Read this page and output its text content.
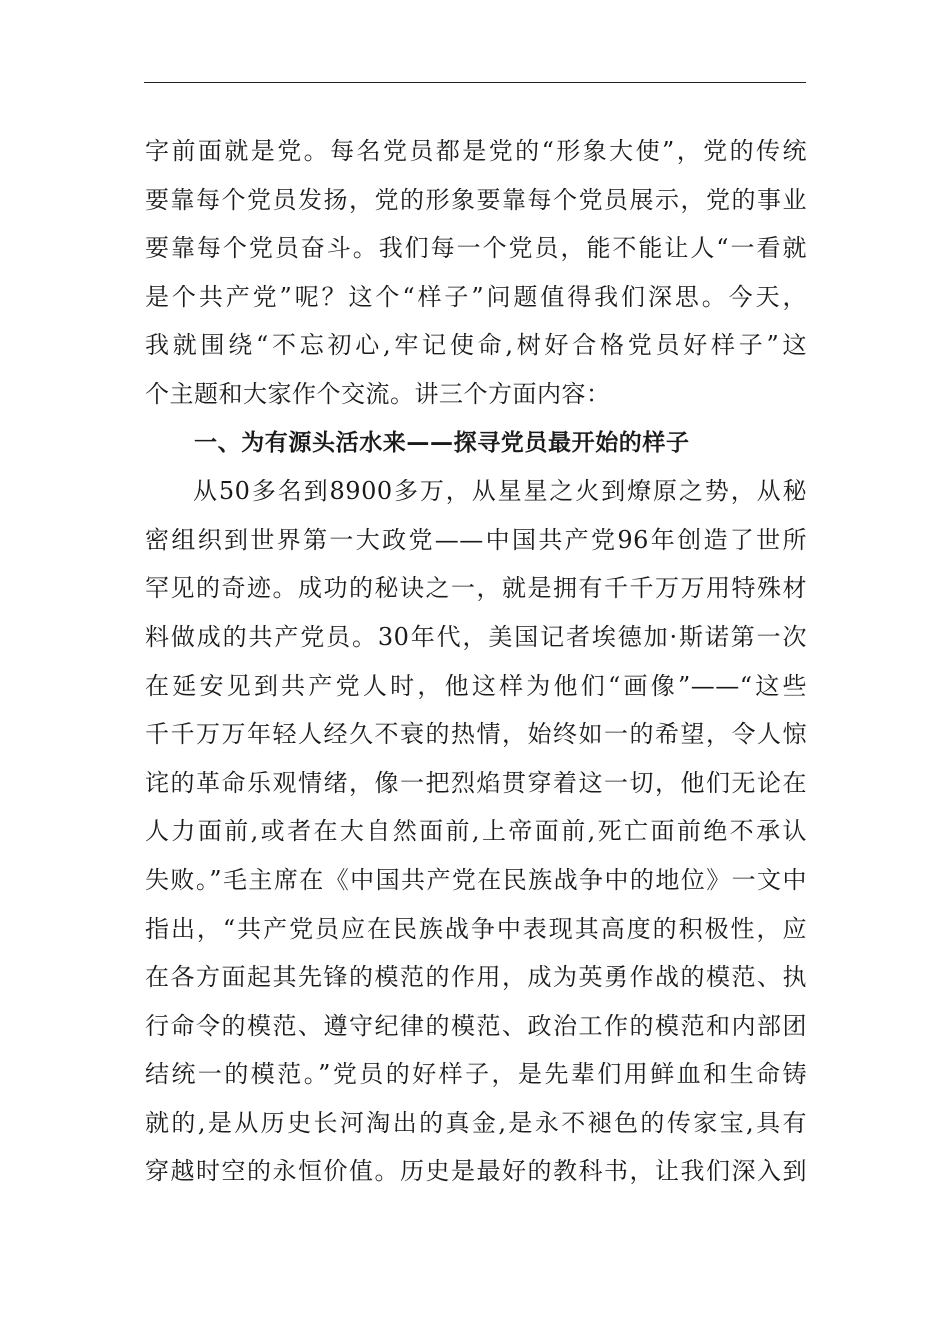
字前面就是党。每名党员都是党的“形象大使”，党的传统
要靠每个党员发扬，党的形象要靠每个党员展示，党的事业
要靠每个党员奋斗。我们每一个党员，能不能让人“一看就
是个共产党”呢？这个“样子”问题值得我们深思。今天，
我就围绕“不忘初心,牢记使命,树好合格党员好样子”这
个主题和大家作个交流。讲三个方面内容：
一、为有源头活水来——探寻党员最开始的样子
从50多名到8900多万，从星星之火到燎原之势，从秘
密组织到世界第一大政党——中国共产党96年创造了世所
罕见的奇迹。成功的秘诀之一，就是拥有千千万万用特殊材
料做成的共产党员。30年代，美国记者埃德加·斯诺第一次
在延安见到共产党人时，他这样为他们“画像”——“这些
千千万万年轻人经久不衰的热情，始终如一的希望，令人惊
诧的革命乐观情绪，像一把烈焰贯穿着这一切，他们无论在
人力面前,或者在大自然面前,上帝面前,死亡面前绝不承认
失败。”毛主席在《中国共产党在民族战争中的地位》一文中
指出，“共产党员应在民族战争中表现其高度的积极性，应
在各方面起其先锋的模范的作用，成为英勇作战的模范、执
行命令的模范、遵守纪律的模范、政治工作的模范和内部团
结统一的模范。”党员的好样子，是先辈们用鲜血和生命铸
就的,是从历史长河淘出的真金,是永不褪色的传家宝,具有
穿越时空的永恒价值。历史是最好的教科书，让我们深入到
